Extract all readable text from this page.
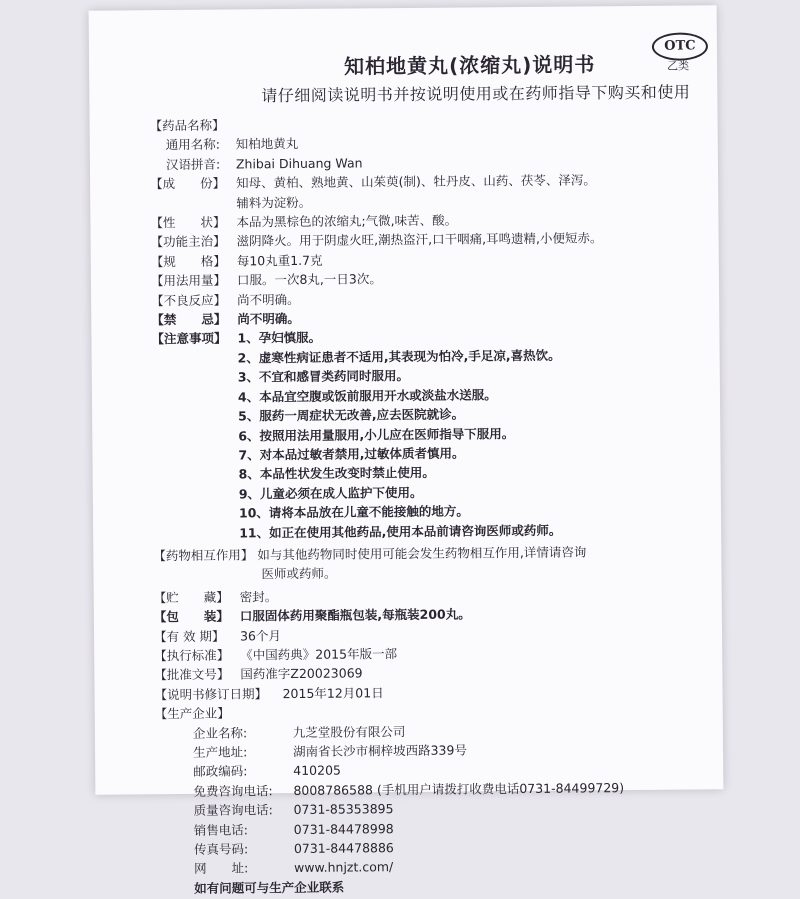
OTC
乙类
知柏地黄丸(浓缩丸)说明书
请仔细阅读说明书并按说明使用或在药师指导下购买和使用
【药品名称】
通用名称: 知柏地黄丸
汉语拼音: Zhibai Dihuang Wan
【成　　份】 知母、黄柏、熟地黄、山茱萸(制)、牡丹皮、山药、茯苓、泽泻。
辅料为淀粉。
【性　　状】 本品为黑棕色的浓缩丸;气微,味苦、酸。
【功能主治】 滋阴降火。用于阴虚火旺,潮热盗汗,口干咽痛,耳鸣遗精,小便短赤。
【规　　格】 每10丸重1.7克
【用法用量】 口服。一次8丸,一日3次。
【不良反应】 尚不明确。
【禁　　忌】 尚不明确。
【注意事项】 1、孕妇慎服。
2、虚寒性病证患者不适用,其表现为怕冷,手足凉,喜热饮。
3、不宜和感冒类药同时服用。
4、本品宜空腹或饭前服用开水或淡盐水送服。
5、服药一周症状无改善,应去医院就诊。
6、按照用法用量服用,小儿应在医师指导下服用。
7、对本品过敏者禁用,过敏体质者慎用。
8、本品性状发生改变时禁止使用。
9、儿童必须在成人监护下使用。
10、请将本品放在儿童不能接触的地方。
11、如正在使用其他药品,使用本品前请咨询医师或药师。
【药物相互作用】 如与其他药物同时使用可能会发生药物相互作用,详情请咨询
医师或药师。
【贮　　藏】 密封。
【包　　装】 口服固体药用聚酯瓶包装,每瓶装200丸。
【有 效 期】 36个月
【执行标准】 《中国药典》2015年版一部
【批准文号】 国药准字Z20023069
【说明书修订日期】 2015年12月01日
【生产企业】
企业名称:	九芝堂股份有限公司
生产地址:	湖南省长沙市桐梓坡西路339号
邮政编码:	410205
免费咨询电话: 8008786588 (手机用户请拨打收费电话0731-84499729)
质量咨询电话: 0731-85353895
销售电话:	0731-84478998
传真号码:	0731-84478886
网　　址:	www.hnjzt.com/
如有问题可与生产企业联系
